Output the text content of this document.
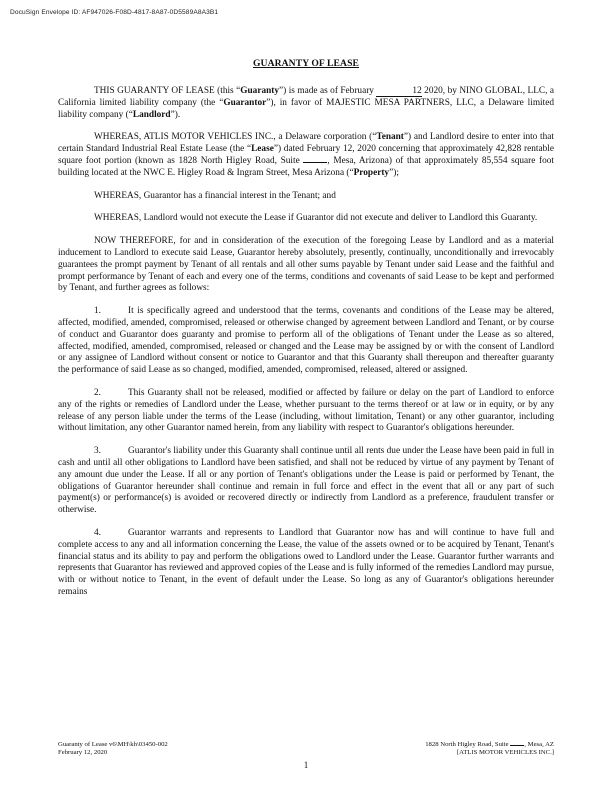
DocuSign Envelope ID: AF947026-F08D-4817-8A87-0D5589A8A3B1
GUARANTY OF LEASE

THIS GUARANTY OF LEASE (this “Guaranty”) is made as of February	12 2020, by NINO GLOBAL, LLC, a California limited liability company (the “Guarantor”), in favor of MAJESTIC MESA PARTNERS, LLC, a Delaware limited liability company (“Landlord”).

WHEREAS, ATLIS MOTOR VEHICLES INC., a Delaware corporation (“Tenant”) and Landlord desire to enter into that certain Standard Industrial Real Estate Lease (the “Lease”) dated February 12, 2020 concerning that approximately 42,828 rentable square foot portion (known as 1828 North Higley Road, Suite	, Mesa, Arizona) of that approximately 85,554 square foot building located at the NWC E. Higley Road & Ingram Street, Mesa Arizona (“Property”);

WHEREAS, Guarantor has a financial interest in the Tenant; and

WHEREAS, Landlord would not execute the Lease if Guarantor did not execute and deliver to Landlord this Guaranty.

NOW THEREFORE, for and in consideration of the execution of the foregoing Lease by Landlord and as a material inducement to Landlord to execute said Lease, Guarantor hereby absolutely, presently, continually, unconditionally and irrevocably guarantees the prompt payment by Tenant of all rentals and all other sums payable by Tenant under said Lease and the faithful and prompt performance by Tenant of each and every one of the terms, conditions and covenants of said Lease to be kept and performed by Tenant, and further agrees as follows:

1.	It is specifically agreed and understood that the terms, covenants and conditions of the Lease may be altered, affected, modified, amended, compromised, released or otherwise changed by agreement between Landlord and Tenant, or by course of conduct and Guarantor does guaranty and promise to perform all of the obligations of Tenant under the Lease as so altered, affected, modified, amended, compromised, released or changed and the Lease may be assigned by or with the consent of Landlord or any assignee of Landlord without consent or notice to Guarantor and that this Guaranty shall thereupon and thereafter guaranty the performance of said Lease as so changed, modified, amended, compromised, released, altered or assigned.

2.	This Guaranty shall not be released, modified or affected by failure or delay on the part of Landlord to enforce any of the rights or remedies of Landlord under the Lease, whether pursuant to the terms thereof or at law or in equity, or by any release of any person liable under the terms of the Lease (including, without limitation, Tenant) or any other guarantor, including without limitation, any other Guarantor named herein, from any liability with respect to Guarantor's obligations hereunder.

3.	Guarantor's liability under this Guaranty shall continue until all rents due under the Lease have been paid in full in cash and until all other obligations to Landlord have been satisfied, and shall not be reduced by virtue of any payment by Tenant of any amount due under the Lease. If all or any portion of Tenant's obligations under the Lease is paid or performed by Tenant, the obligations of Guarantor hereunder shall continue and remain in full force and effect in the event that all or any part of such payment(s) or performance(s) is avoided or recovered directly or indirectly from Landlord as a preference, fraudulent transfer or otherwise.

4.	Guarantor warrants and represents to Landlord that Guarantor now has and will continue to have full and complete access to any and all information concerning the Lease, the value of the assets owned or to be acquired by Tenant, Tenant's financial status and its ability to pay and perform the obligations owed to Landlord under the Lease. Guarantor further warrants and represents that Guarantor has reviewed and approved copies of the Lease and is fully informed of the remedies Landlord may pursue, with or without notice to Tenant, in the event of default under the Lease. So long as any of Guarantor's obligations hereunder remains

Guaranty of Lease v6\MH\kh\03450-002
February 12, 2020
1828 North Higley Road, Suite , Mesa, AZ
[ATLIS MOTOR VEHICLES INC.]
1
